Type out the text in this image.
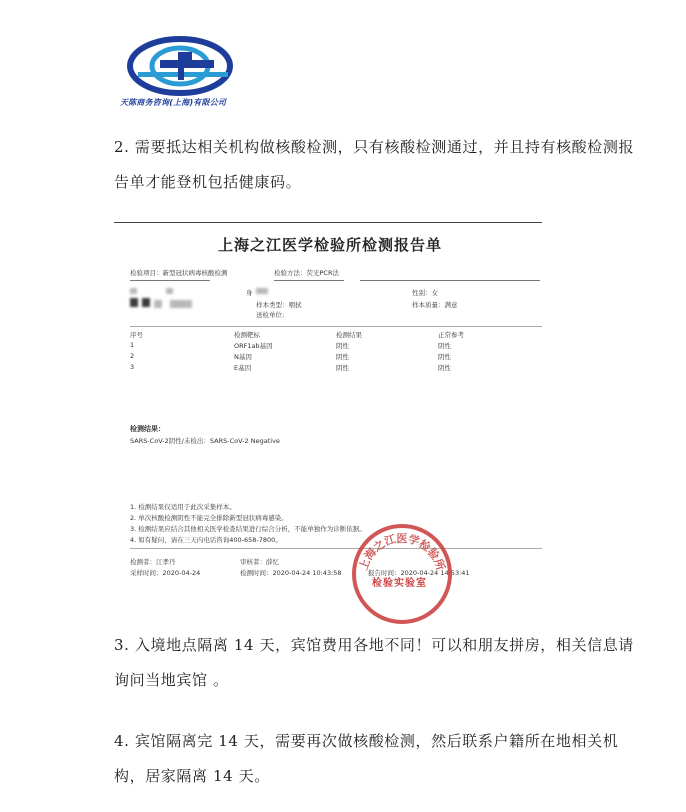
天陈商务咨询(上海)有限公司
2. 需要抵达相关机构做核酸检测，只有核酸检测通过，并且持有核酸检测报告单才能登机包括健康码。
上海之江医学检验所检测报告单
检验项目：新型冠状病毒核酸检测	检验方法：荧光PCR法
身	性别：女
样本类型：咽拭	样本质量：满意
送检单位：
序号	检测靶标	检测结果	正常参考
1	ORF1ab基因	阴性	阴性
2	N基因	阴性	阴性
3	E基因	阴性	阴性
检测结果：
SARS-CoV-2阴性/未检出：SARS-CoV-2 Negative
1. 检测结果仅适用于此次采集样本。
2. 单次核酸检测阴性不能完全排除新型冠状病毒感染。
3. 检测结果应结合其他相关医学检查结果进行综合分析，不能单独作为诊断依据。
4. 如有疑问，请在三天内电话咨询400-658-7800。
检测者：江孝丹	审核者：薛忆
采样时间：2020-04-24	检测时间：2020-04-24 10:43:58	报告时间：2020-04-24 14:53:41
上海之江医学检验所
检验实验室
3. 入境地点隔离 14 天，宾馆费用各地不同！可以和朋友拼房，相关信息请询问当地宾馆 。
4. 宾馆隔离完 14 天，需要再次做核酸检测，然后联系户籍所在地相关机构，居家隔离 14 天。
